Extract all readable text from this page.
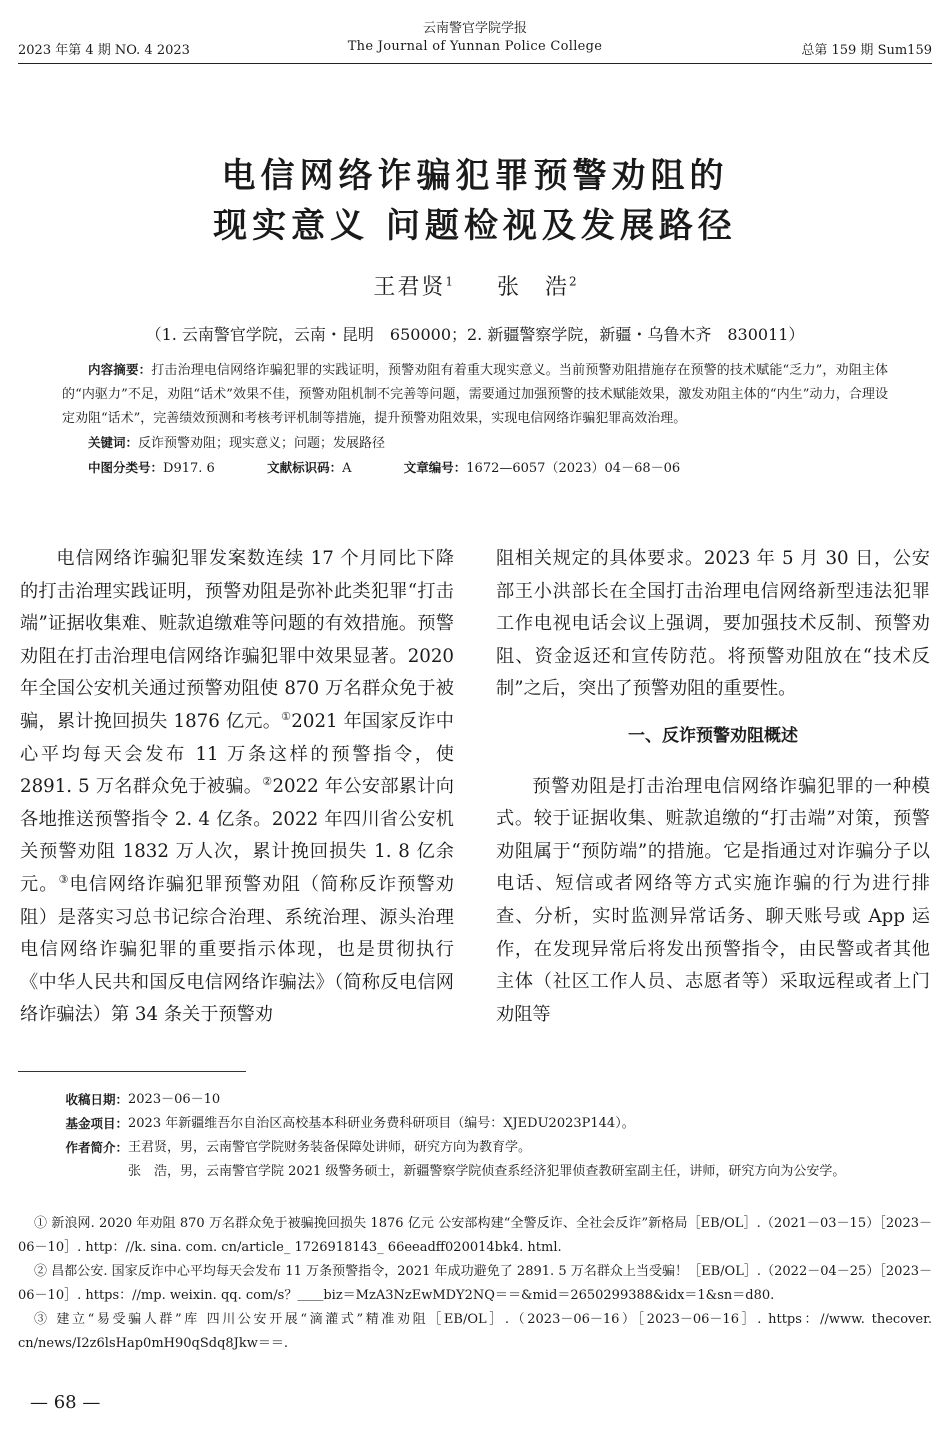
云南警官学院学报
2023 年第 4 期 NO. 4 2023	The Journal of Yunnan Police College	总第 159 期 Sum159
电信网络诈骗犯罪预警劝阻的
现实意义 问题检视及发展路径
王君贤$^1$ 张　浩$^2$
（1. 云南警官学院，云南・昆明　650000；2. 新疆警察学院，新疆・乌鲁木齐　830011）
内容摘要：打击治理电信网络诈骗犯罪的实践证明，预警劝阻有着重大现实意义。当前预警劝阻措施存在预警的技术赋能“乏力”，劝阻主体的“内驱力”不足，劝阻“话术”效果不佳，预警劝阻机制不完善等问题，需要通过加强预警的技术赋能效果，激发劝阻主体的“内生”动力，合理设定劝阻“话术”，完善绩效预测和考核考评机制等措施，提升预警劝阻效果，实现电信网络诈骗犯罪高效治理。
关键词：反诈预警劝阻；现实意义；问题；发展路径
中图分类号：D917. 6	文献标识码：A	文章编号：1672—6057（2023）04－68－06

电信网络诈骗犯罪发案数连续 17 个月同比下降的打击治理实践证明，预警劝阻是弥补此类犯罪“打击端”证据收集难、赃款追缴难等问题的有效措施。预警劝阻在打击治理电信网络诈骗犯罪中效果显著。2020 年全国公安机关通过预警劝阻使 870 万名群众免于被骗，累计挽回损失 1876 亿元。①2021 年国家反诈中心平均每天会发布 11 万条这样的预警指令，使 2891. 5 万名群众免于被骗。②2022 年公安部累计向各地推送预警指令 2. 4 亿条。2022 年四川省公安机关预警劝阻 1832 万人次，累计挽回损失 1. 8 亿余元。③电信网络诈骗犯罪预警劝阻（简称反诈预警劝阻）是落实习总书记综合治理、系统治理、源头治理电信网络诈骗犯罪的重要指示体现，也是贯彻执行《中华人民共和国反电信网络诈骗法》（简称反电信网络诈骗法）第 34 条关于预警劝

阻相关规定的具体要求。2023 年 5 月 30 日，公安部王小洪部长在全国打击治理电信网络新型违法犯罪工作电视电话会议上强调，要加强技术反制、预警劝阻、资金返还和宣传防范。将预警劝阻放在“技术反制”之后，突出了预警劝阻的重要性。

一、反诈预警劝阻概述

预警劝阻是打击治理电信网络诈骗犯罪的一种模式。较于证据收集、赃款追缴的“打击端”对策，预警劝阻属于“预防端”的措施。它是指通过对诈骗分子以电话、短信或者网络等方式实施诈骗的行为进行排查、分析，实时监测异常话务、聊天账号或 App 运作，在发现异常后将发出预警指令，由民警或者其他主体（社区工作人员、志愿者等）采取远程或者上门劝阻等

收稿日期： 2023－06－10
基金项目： 2023 年新疆维吾尔自治区高校基本科研业务费科研项目（编号：XJEDU2023P144）。
作者简介： 王君贤，男，云南警官学院财务装备保障处讲师，研究方向为教育学。
张　浩，男，云南警官学院 2021 级警务硕士，新疆警察学院侦查系经济犯罪侦查教研室副主任，讲师，研究方向为公安学。

① 新浪网. 2020 年劝阻 870 万名群众免于被骗挽回损失 1876 亿元 公安部构建“全警反诈、全社会反诈”新格局［EB/OL］.（2021－03－15）［2023－06－10］. http：//k. sina. com. cn/article_ 1726918143_ 66eeadff020014bk4. html.

② 昌都公安. 国家反诈中心平均每天会发布 11 万条预警指令，2021 年成功避免了 2891. 5 万名群众上当受骗！［EB/OL］.（2022－04－25）［2023－06－10］. https：//mp. weixin. qq. com/s？＿＿biz＝MzA3NzEwMDY2NQ＝＝&mid＝2650299388&idx＝1&sn＝d80.

③ 建立“易受骗人群”库 四川公安开展“滴灌式”精准劝阻［EB/OL］.（2023－06－16）［2023－06－16］. https：//www. thecover. cn/news/I2z6lsHap0mH90qSdq8Jkw＝＝.

— 68 —
